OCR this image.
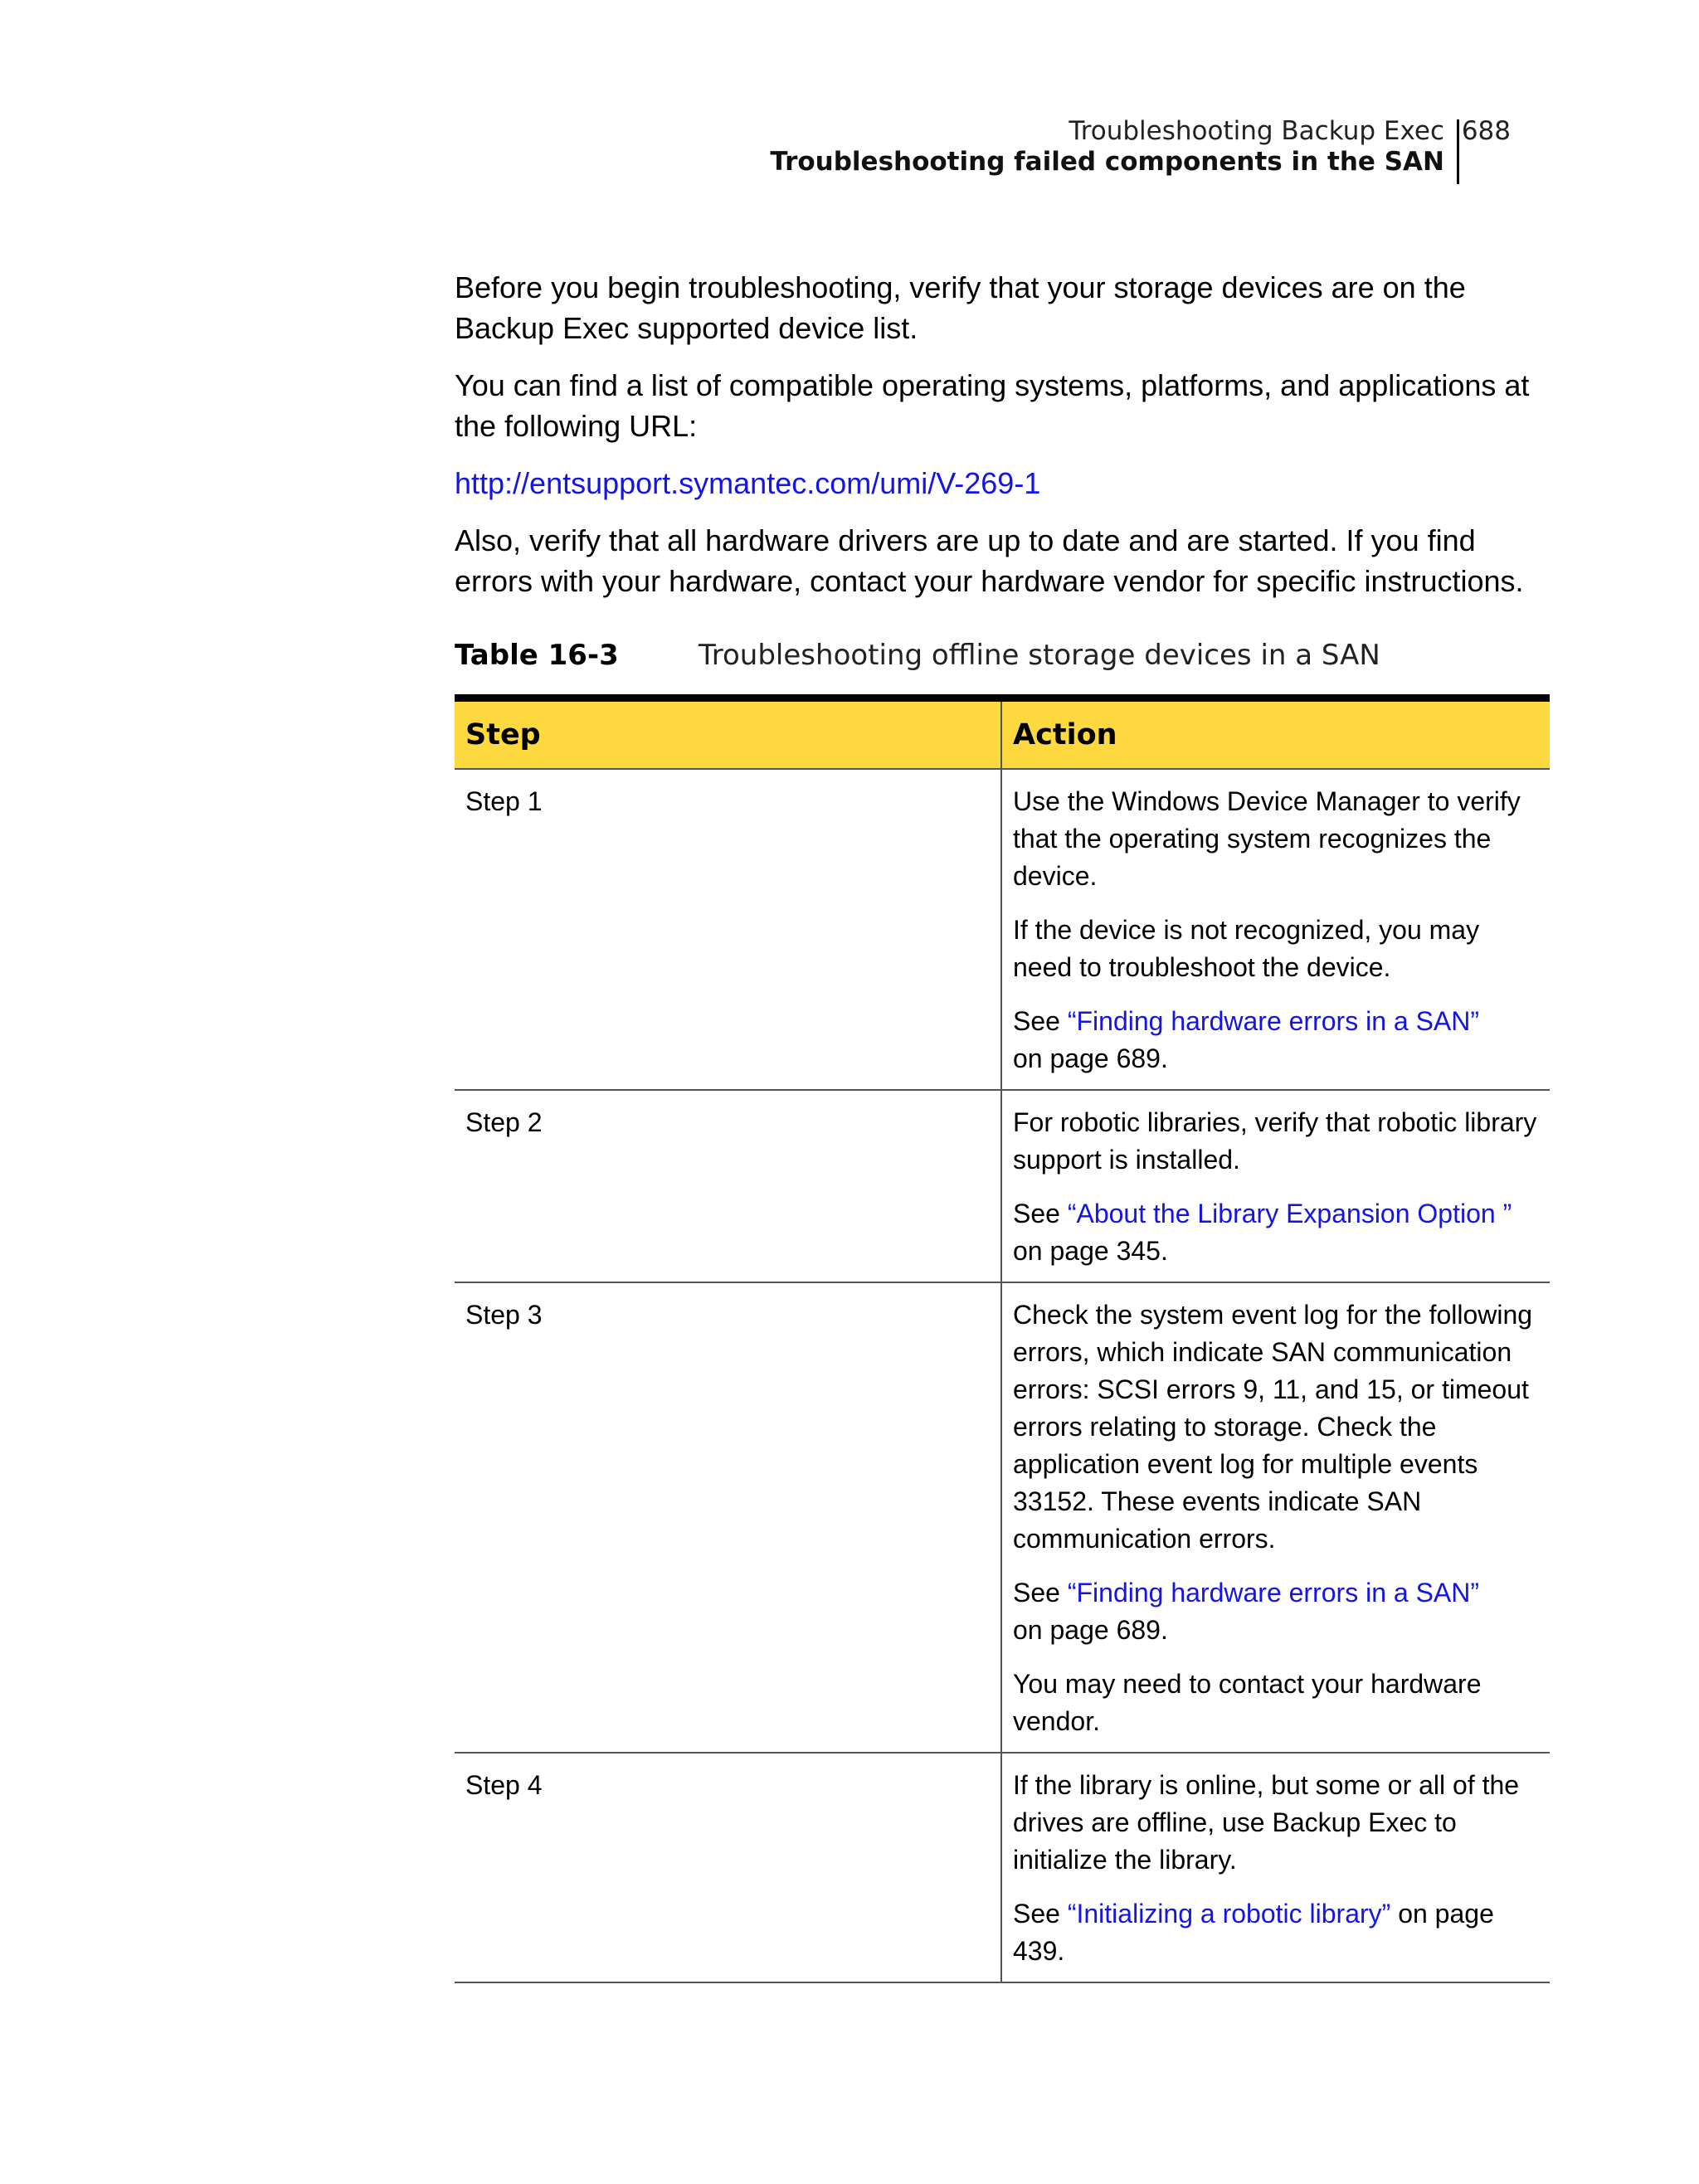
Troubleshooting Backup Exec
Troubleshooting failed components in the SAN
688

Before you begin troubleshooting, verify that your storage devices are on the Backup Exec supported device list.

You can find a list of compatible operating systems, platforms, and applications at the following URL:

http://entsupport.symantec.com/umi/V-269-1

Also, verify that all hardware drivers are up to date and are started. If you find errors with your hardware, contact your hardware vendor for specific instructions.

Table 16-3	Troubleshooting offline storage devices in a SAN
Step	Action
Step 1	Use the Windows Device Manager to verify that the operating system recognizes the device.

If the device is not recognized, you may need to troubleshoot the device.

See “Finding hardware errors in a SAN”
on page 689.

Step 2	For robotic libraries, verify that robotic library support is installed.

See “About the Library Expansion Option ”
on page 345.

Step 3	Check the system event log for the following errors, which indicate SAN communication errors: SCSI errors 9, 11, and 15, or timeout errors relating to storage. Check the application event log for multiple events 33152. These events indicate SAN communication errors.

See “Finding hardware errors in a SAN”
on page 689.

You may need to contact your hardware vendor.

Step 4	If the library is online, but some or all of the drives are offline, use Backup Exec to initialize the library.

See “Initializing a robotic library” on page 439.
